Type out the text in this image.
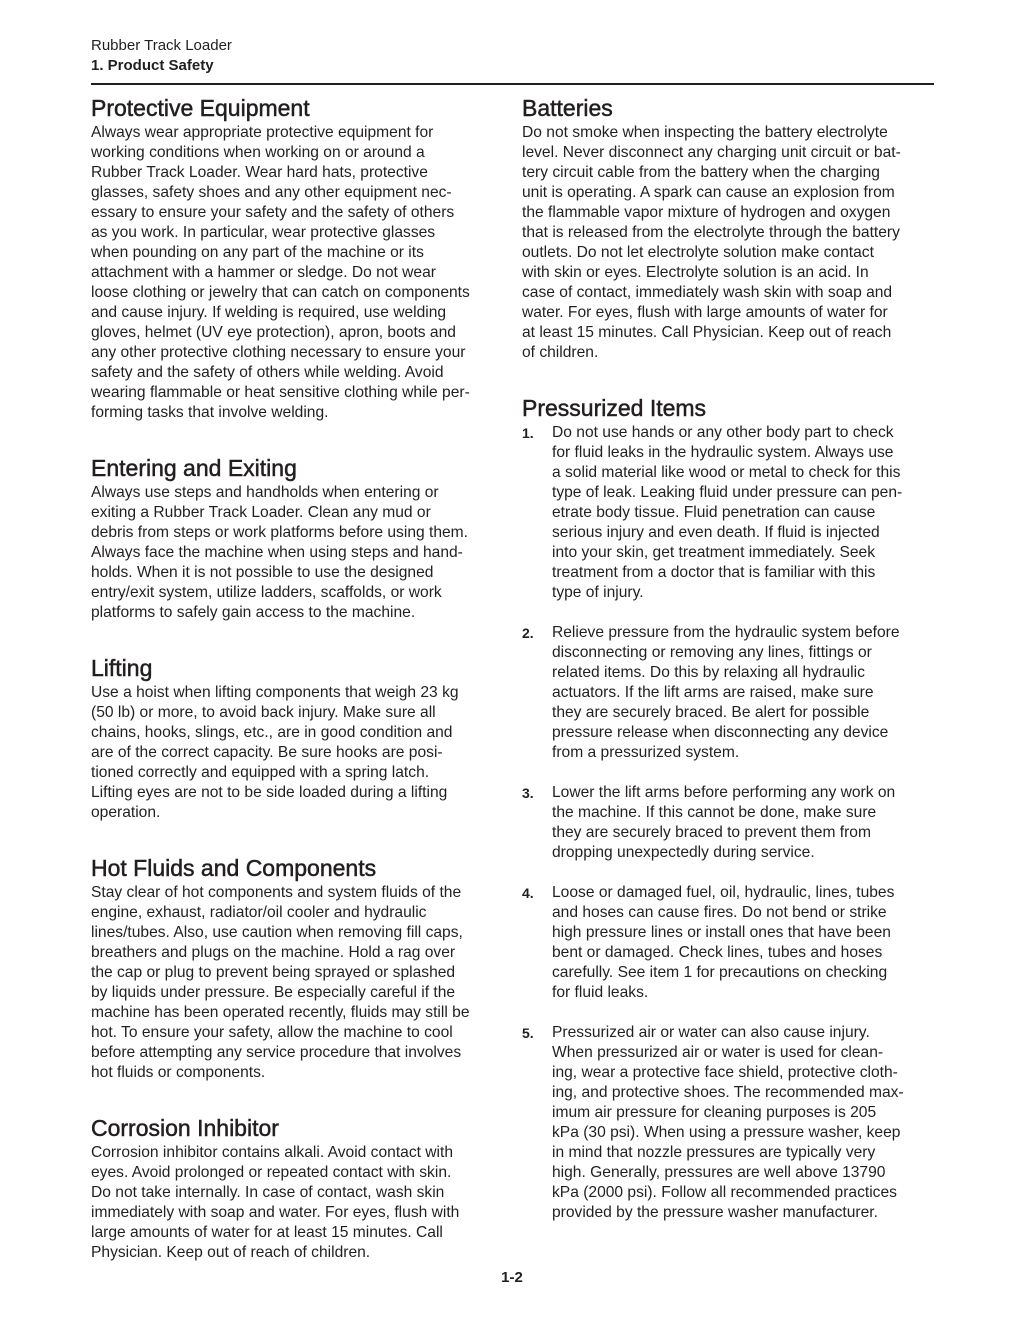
Rubber Track Loader
1. Product Safety
Protective Equipment

Always wear appropriate protective equipment for
working conditions when working on or around a
Rubber Track Loader. Wear hard hats, protective
glasses, safety shoes and any other equipment nec-
essary to ensure your safety and the safety of others
as you work. In particular, wear protective glasses
when pounding on any part of the machine or its
attachment with a hammer or sledge. Do not wear
loose clothing or jewelry that can catch on components
and cause injury. If welding is required, use welding
gloves, helmet (UV eye protection), apron, boots and
any other protective clothing necessary to ensure your
safety and the safety of others while welding. Avoid
wearing flammable or heat sensitive clothing while per-
forming tasks that involve welding.

Entering and Exiting

Always use steps and handholds when entering or
exiting a Rubber Track Loader. Clean any mud or
debris from steps or work platforms before using them.
Always face the machine when using steps and hand-
holds. When it is not possible to use the designed
entry/exit system, utilize ladders, scaffolds, or work
platforms to safely gain access to the machine.

Lifting

Use a hoist when lifting components that weigh 23 kg
(50 lb) or more, to avoid back injury. Make sure all
chains, hooks, slings, etc., are in good condition and
are of the correct capacity. Be sure hooks are posi-
tioned correctly and equipped with a spring latch.
Lifting eyes are not to be side loaded during a lifting
operation.

Hot Fluids and Components

Stay clear of hot components and system fluids of the
engine, exhaust, radiator/oil cooler and hydraulic
lines/tubes. Also, use caution when removing fill caps,
breathers and plugs on the machine. Hold a rag over
the cap or plug to prevent being sprayed or splashed
by liquids under pressure. Be especially careful if the
machine has been operated recently, fluids may still be
hot. To ensure your safety, allow the machine to cool
before attempting any service procedure that involves
hot fluids or components.

Corrosion Inhibitor

Corrosion inhibitor contains alkali. Avoid contact with
eyes. Avoid prolonged or repeated contact with skin.
Do not take internally. In case of contact, wash skin
immediately with soap and water. For eyes, flush with
large amounts of water for at least 15 minutes. Call
Physician. Keep out of reach of children.

Batteries

Do not smoke when inspecting the battery electrolyte
level. Never disconnect any charging unit circuit or bat-
tery circuit cable from the battery when the charging
unit is operating. A spark can cause an explosion from
the flammable vapor mixture of hydrogen and oxygen
that is released from the electrolyte through the battery
outlets. Do not let electrolyte solution make contact
with skin or eyes. Electrolyte solution is an acid. In
case of contact, immediately wash skin with soap and
water. For eyes, flush with large amounts of water for
at least 15 minutes. Call Physician. Keep out of reach
of children.

Pressurized Items
1. Do not use hands or any other body part to check
for fluid leaks in the hydraulic system. Always use
a solid material like wood or metal to check for this
type of leak. Leaking fluid under pressure can pen-
etrate body tissue. Fluid penetration can cause
serious injury and even death. If fluid is injected
into your skin, get treatment immediately. Seek
treatment from a doctor that is familiar with this
type of injury.
2. Relieve pressure from the hydraulic system before
disconnecting or removing any lines, fittings or
related items. Do this by relaxing all hydraulic
actuators. If the lift arms are raised, make sure
they are securely braced. Be alert for possible
pressure release when disconnecting any device
from a pressurized system.
3. Lower the lift arms before performing any work on
the machine. If this cannot be done, make sure
they are securely braced to prevent them from
dropping unexpectedly during service.
4. Loose or damaged fuel, oil, hydraulic, lines, tubes
and hoses can cause fires. Do not bend or strike
high pressure lines or install ones that have been
bent or damaged. Check lines, tubes and hoses
carefully. See item 1 for precautions on checking
for fluid leaks.
5. Pressurized air or water can also cause injury.
When pressurized air or water is used for clean-
ing, wear a protective face shield, protective cloth-
ing, and protective shoes. The recommended max-
imum air pressure for cleaning purposes is 205
kPa (30 psi). When using a pressure washer, keep
in mind that nozzle pressures are typically very
high. Generally, pressures are well above 13790
kPa (2000 psi). Follow all recommended practices
provided by the pressure washer manufacturer.
1-2
